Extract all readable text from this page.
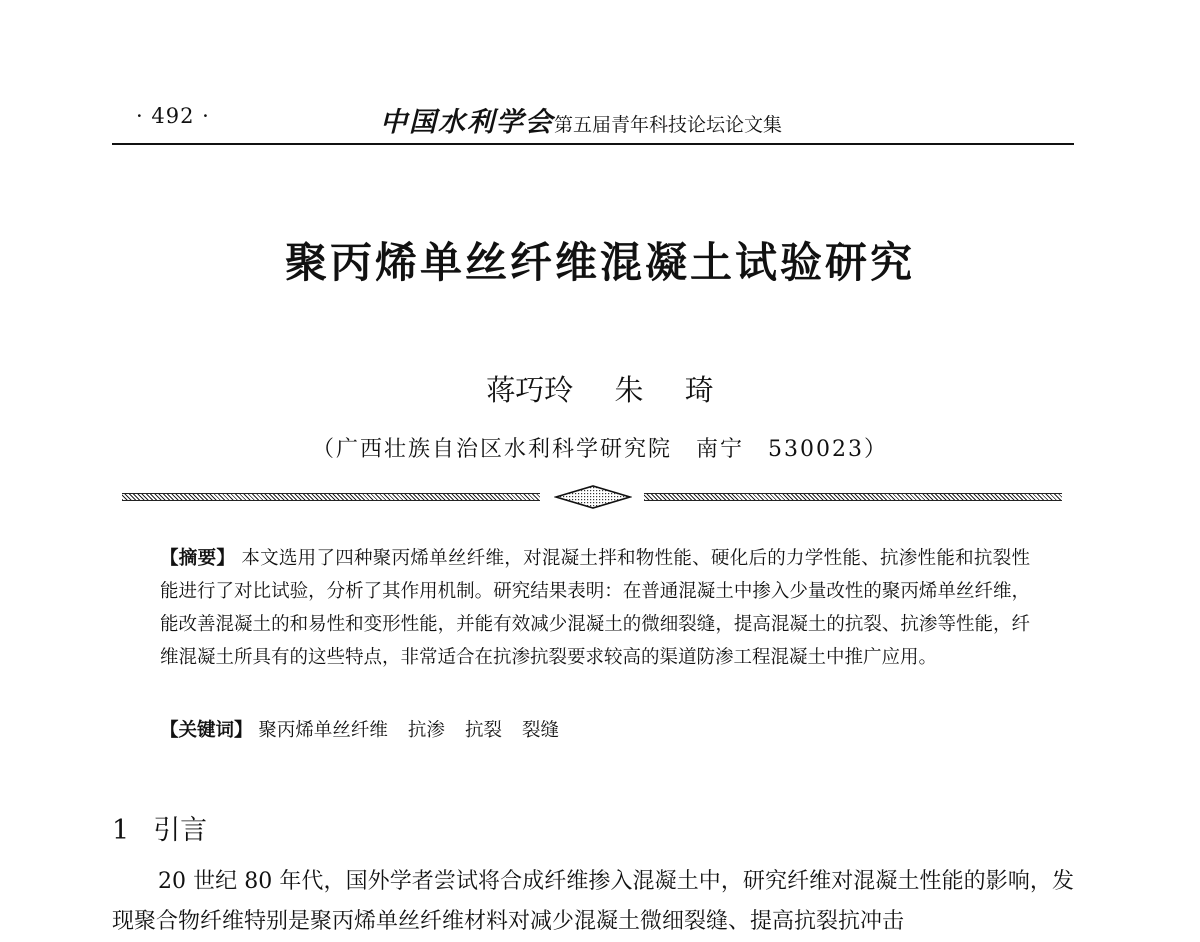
· 492 ·	中国水利学会第五届青年科技论坛论文集
聚丙烯单丝纤维混凝土试验研究
蒋巧玲 朱 琦
（广西壮族自治区水利科学研究院　南宁　530023）
【摘要】 本文选用了四种聚丙烯单丝纤维，对混凝土拌和物性能、硬化后的力学性能、抗渗性能和抗裂性能进行了对比试验，分析了其作用机制。研究结果表明：在普通混凝土中掺入少量改性的聚丙烯单丝纤维，能改善混凝土的和易性和变形性能，并能有效减少混凝土的微细裂缝，提高混凝土的抗裂、抗渗等性能，纤维混凝土所具有的这些特点，非常适合在抗渗抗裂要求较高的渠道防渗工程混凝土中推广应用。
【关键词】 聚丙烯单丝纤维 抗渗 抗裂 裂缝
1 引言
20 世纪 80 年代，国外学者尝试将合成纤维掺入混凝土中，研究纤维对混凝土性能的影响，发现聚合物纤维特别是聚丙烯单丝纤维材料对减少混凝土微细裂缝、提高抗裂抗冲击
